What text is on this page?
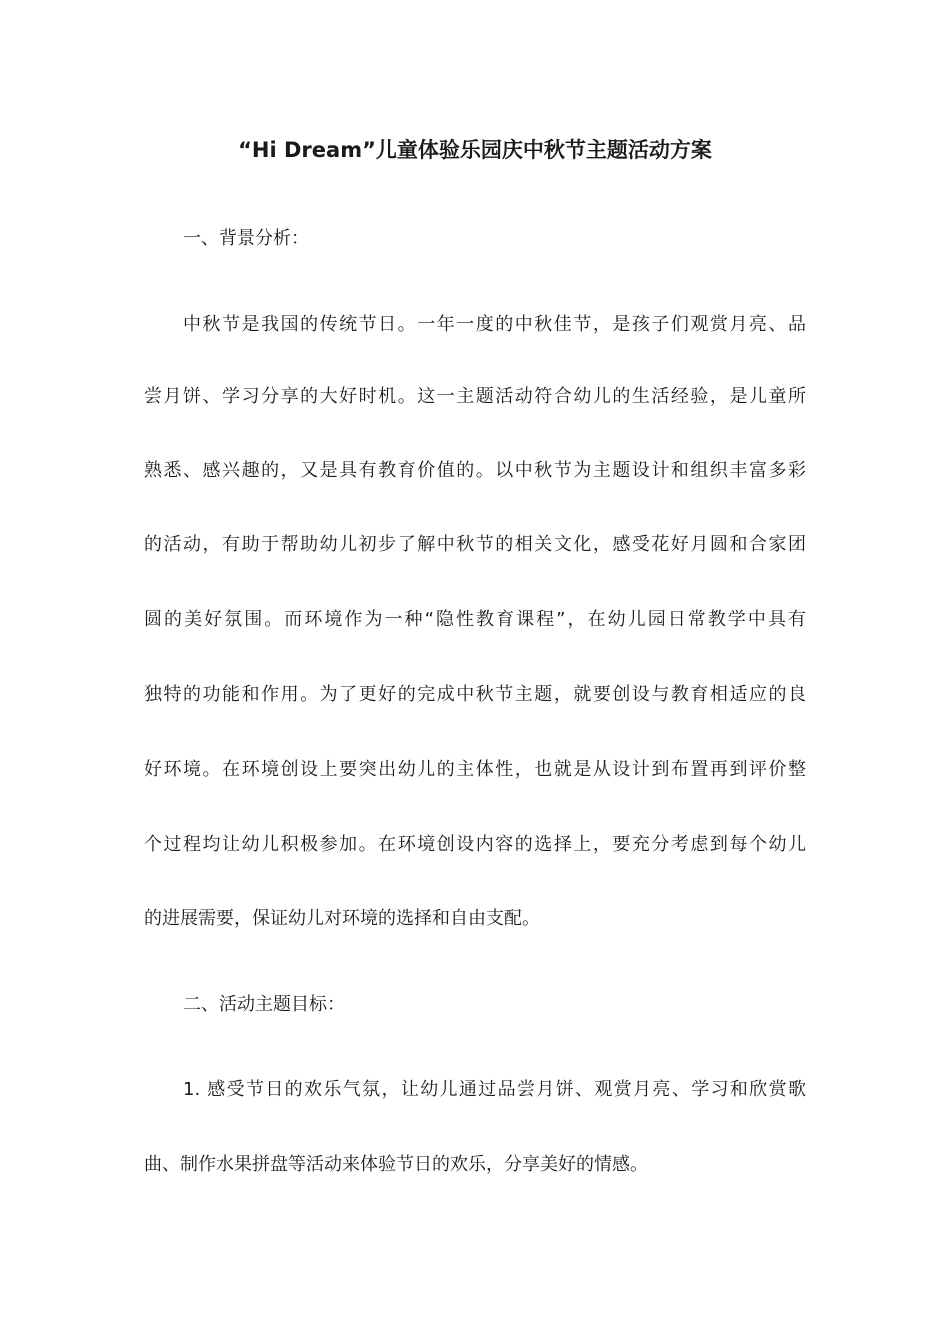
“Hi Dream”儿童体验乐园庆中秋节主题活动方案
一、背景分析：
中秋节是我国的传统节日。一年一度的中秋佳节，是孩子们观赏月亮、品
尝月饼、学习分享的大好时机。这一主题活动符合幼儿的生活经验，是儿童所
熟悉、感兴趣的，又是具有教育价值的。以中秋节为主题设计和组织丰富多彩
的活动，有助于帮助幼儿初步了解中秋节的相关文化，感受花好月圆和合家团
圆的美好氛围。而环境作为一种“隐性教育课程”，在幼儿园日常教学中具有
独特的功能和作用。为了更好的完成中秋节主题，就要创设与教育相适应的良
好环境。在环境创设上要突出幼儿的主体性，也就是从设计到布置再到评价整
个过程均让幼儿积极参加。在环境创设内容的选择上，要充分考虑到每个幼儿
的进展需要，保证幼儿对环境的选择和自由支配。
二、活动主题目标：
1. 感受节日的欢乐气氛，让幼儿通过品尝月饼、观赏月亮、学习和欣赏歌
曲、制作水果拼盘等活动来体验节日的欢乐，分享美好的情感。
